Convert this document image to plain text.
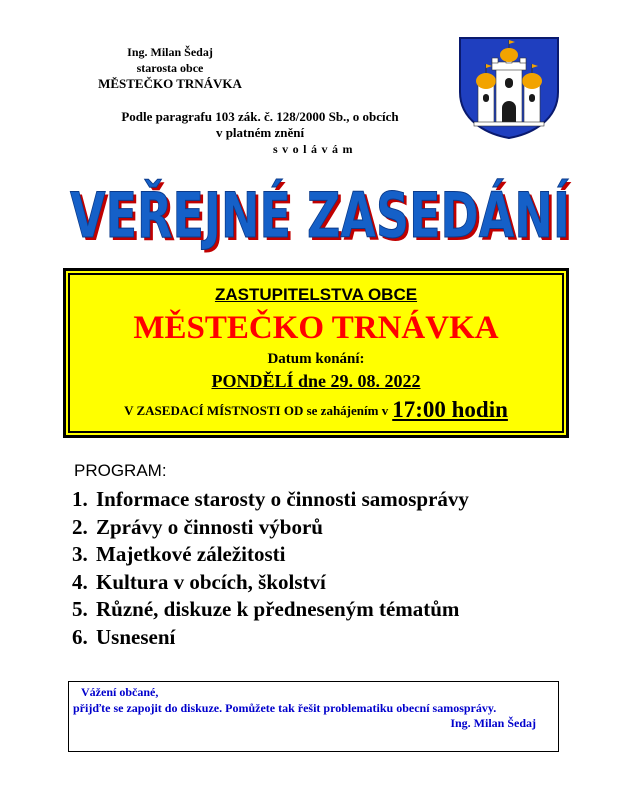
Ing. Milan Šedaj
starosta obce
MĚSTEČKO TRNÁVKA
Podle paragrafu 103 zák. č. 128/2000 Sb., o obcích
v platném znění
svolávám
VEŘEJNÉ ZASEDÁNÍ
VEŘEJNÉ ZASEDÁNÍ
ZASTUPITELSTVA OBCE
MĚSTEČKO TRNÁVKA
Datum konání:
PONDĚLÍ dne 29. 08. 2022
V ZASEDACÍ MÍSTNOSTI OD se zahájením v 17:00 hodin
PROGRAM:
1. Informace starosty o činnosti samosprávy
2. Zprávy o činnosti výborů
3. Majetkové záležitosti
4. Kultura v obcích, školství
5. Různé, diskuze k předneseným tématům
6. Usnesení
Vážení občané,
přijďte se zapojit do diskuze. Pomůžete tak řešit problematiku obecní samosprávy.
Ing. Milan Šedaj
